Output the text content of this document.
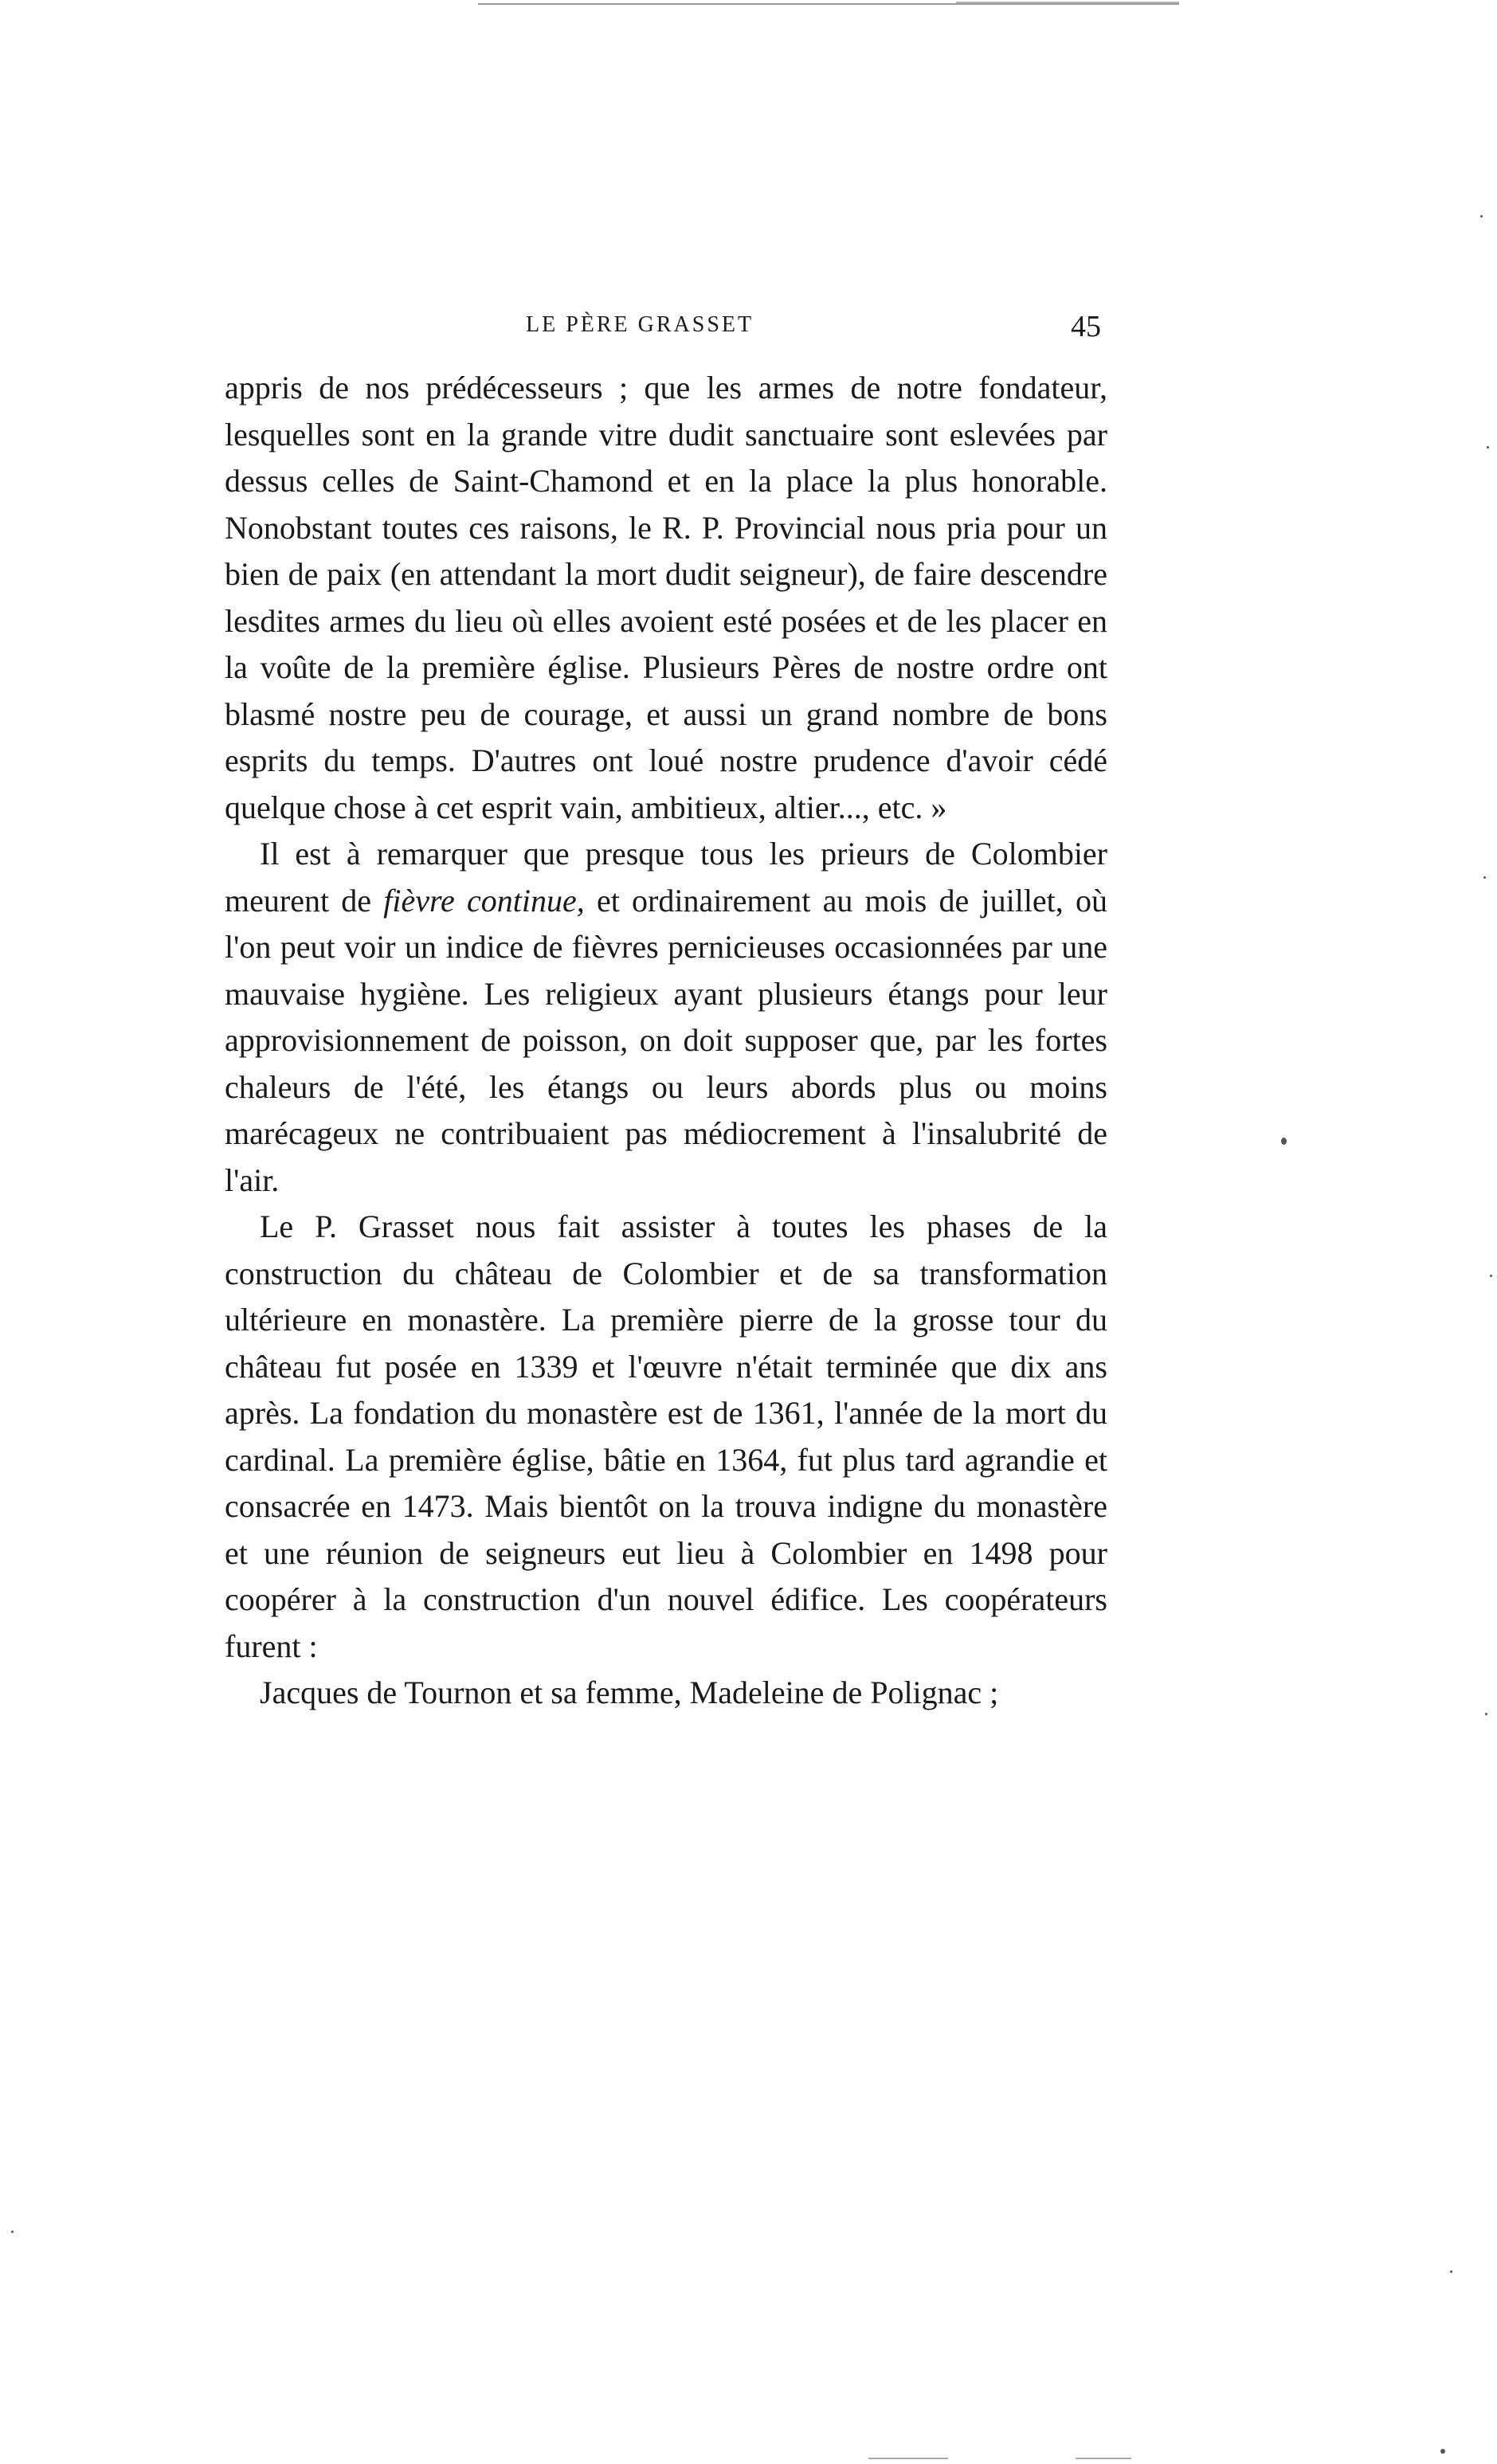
LE PÈRE GRASSET	45

appris de nos prédécesseurs ; que les armes de notre fondateur, lesquelles sont en la grande vitre dudit sanctuaire sont eslevées par dessus celles de Saint-Chamond et en la place la plus honorable. Nonobstant toutes ces raisons, le R. P. Provincial nous pria pour un bien de paix (en attendant la mort dudit seigneur), de faire descendre lesdites armes du lieu où elles avoient esté posées et de les placer en la voûte de la première église. Plusieurs Pères de nostre ordre ont blasmé nostre peu de courage, et aussi un grand nombre de bons esprits du temps. D'autres ont loué nostre prudence d'avoir cédé quelque chose à cet esprit vain, ambitieux, altier..., etc. »

Il est à remarquer que presque tous les prieurs de Colombier meurent de fièvre continue, et ordinairement au mois de juillet, où l'on peut voir un indice de fièvres pernicieuses occasionnées par une mauvaise hygiène. Les religieux ayant plusieurs étangs pour leur approvisionnement de poisson, on doit supposer que, par les fortes chaleurs de l'été, les étangs ou leurs abords plus ou moins marécageux ne contribuaient pas médiocrement à l'insalubrité de l'air.

Le P. Grasset nous fait assister à toutes les phases de la construction du château de Colombier et de sa transformation ultérieure en monastère. La première pierre de la grosse tour du château fut posée en 1339 et l'œuvre n'était terminée que dix ans après. La fondation du monastère est de 1361, l'année de la mort du cardinal. La première église, bâtie en 1364, fut plus tard agrandie et consacrée en 1473. Mais bientôt on la trouva indigne du monastère et une réunion de seigneurs eut lieu à Colombier en 1498 pour coopérer à la construction d'un nouvel édifice. Les coopérateurs furent :

Jacques de Tournon et sa femme, Madeleine de Polignac ;
